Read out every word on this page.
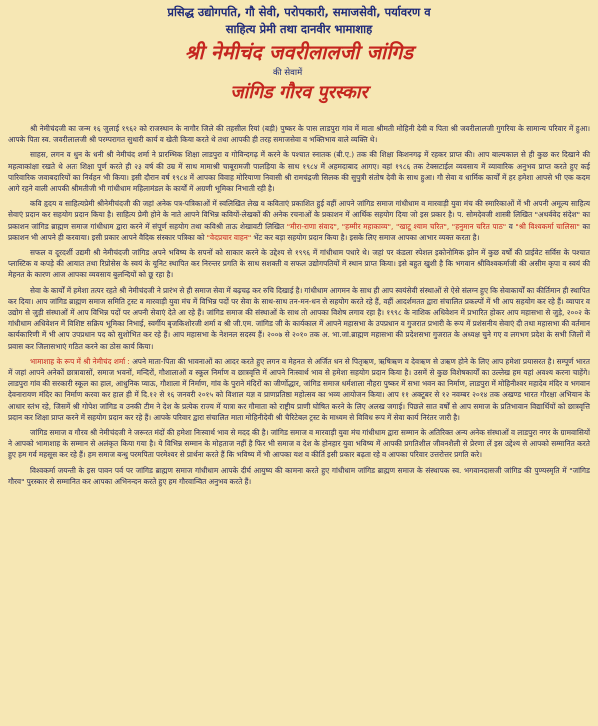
प्रसिद्ध उद्योगपति, गौ सेवी, परोपकारी, समाजसेवी, पर्यावरण व
साहित्य प्रेमी तथा दानवीर भामाशाह
श्री नेमीचंद जवरीलालजी जांगिड
की सेवामें
जांगिड गौरव पुरस्कार

श्री नेमीचंदजी का जन्म १६ जुलाई १९६२ को राजस्थान के नागौर जिले की तहसील रियां (बड़ी) पुष्कर के पास लाडपुरा गांव में माता श्रीमती मोहिनी देवी व पिता श्री जवरीलालजी गुगरिया के सामान्य परिवार में हुआ। आपके पिता स्व. जवरीलालजी श्री परम्परागत सुथारी कार्य व खेती किया करते थे तथा आपकी ही तरह समाजसेवा व भक्तिभाव वाले व्यक्ति थे।

साहस, लगन व धुन के धनी श्री नेमीचंद शर्मा ने प्रारम्भिक शिक्षा लाडपुरा व गोविन्दगढ़ में करने के पश्चात स्नातक (बी.ए.) तक की शिक्षा किशनगढ़ में रहकर प्राप्त की। आप बाल्यकाल से ही कुछ कर दिखाने की महत्वाकांक्षा रखते थे अतः शिक्षा पूर्ण करते ही २३ वर्ष की उम्र में साथ मामाश्री चाबूरामजी पालड़िया के साथ १९८४ में अहमदाबाद आगए। वहां १९८६ तक टेक्सटाईल व्यवसाय में व्यावारिक अनुभव प्राप्त करते हुए कई पारिवारिक जवाबदारियों का निर्वहन भी किया। इसी दौरान वर्ष १९८४ में आपका विवाह मोरियाणा निवासी श्री रामचंद्रजी सिलक की सुपुत्री संतोष देवी के साथ हुआ। गौ सेवा व धार्मिक कार्यों में हर हमेशा आपसे भी एक कदम आगे रहने वाली आपकी श्रीमतीजी भी गांधीधाम महिलामंडल के कार्यों में अग्रणी भूमिका निभाती रही है।

कवि हृदय व साहित्यप्रेमी श्रीनेमीचंदजी की जहां अनेक पत्र-पत्रिकाओं में स्वलिखित लेख व कविताएं प्रकाशित हुई वहीं आपने जांगिड समाज गांधीधाम व मारवाड़ी युवा मंच की स्मारिकाओं में भी अपनी अमूल्य साहित्य सेवाएं प्रदान कर सहयोग प्रदान किया है। साहित्य प्रेमी होने के नाते आपने विभिन्न कवियों-लेखकों की अनेक रचनाओं के प्रकाशन में आर्थिक सहयोग दिया जो इस प्रकार है। प. सोमदेवजी शास्त्री लिखित "अथर्ववेद संदेश" का प्रकाशन जांगिड ब्राह्मण समाज गांधीधाम द्वारा करने में संपूर्ण सहयोग तथा कविश्री ताऊ शेखावटी लिखित "मीरा-राणा संवाद", "हम्मीर महाकाव्य", "खाटू श्याम चरित", "हनुमान चरित पाठ" व "श्री विश्वकर्मा चालिसा" का प्रकाशन भी आपने ही करवाया। इसी प्रकार आपने वैदिक संस्कार पत्रिका को "वेदप्रचार वाहन" भेंट कर बड़ा सहयोग प्रदान किया है। इसके लिए समाज आपका आभार व्यक्त करता है।

सफल व दूरदर्शी उद्यमी श्री नेमीचंदजी जांगिड अपने भविष्य के सपनों को साकार करने के उद्देश्य से १९९६ में गांधीधाम पधारे थे। जहां पर कंडला स्पेशल इकोनोमिक झोन में कुछ वर्षों की प्राईवेट सर्विस के पश्चात प्लास्टिक व कपड़े की आयात तथा रिप्रोसेस के स्वयं के यूनिट स्थापित कर निरन्तर प्रगति के साथ सशक्ती व सफल उद्योगपतियों में स्थान प्राप्त किया। इसे बहुत खुशी है कि भगवान श्रीविश्वकर्माजी की असीम कृपा व स्वयं की मेहनत के कारण आज आपका व्यवसाय बुलन्दियों को छू रहा है।

सेवा के कार्यों में हमेशा तत्पर रहते श्री नेमीचंदजी ने प्रारंभ से ही समाज सेवा में बढ़चढ़ कर रुचि दिखाई है। गांधीधाम आगमन के साथ ही आप स्वयंसेवी संस्थाओं से ऐसे संलग्न हुए कि सेवाकार्यों का कीर्तिमान ही स्थापित कर दिया। आप जांगिड ब्राह्मण समाज समिति ट्रस्ट व मारवाड़ी युवा मंच में विभिन्न पदों पर सेवा के साथ-साथ तन-मन-धन से सहयोग करते रहे हैं, वहीं आदर्शमतत द्वारा संचालित प्रकल्पों में भी आप सहयोग कर रहे हैं। व्यापार व उद्योग से जुड़ी संस्थाओं में आप विभिन्न पदों पर अपनी सेवाएं देते आ रहे हैं। जांगिड समाज की संस्थाओं के साथ तो आपका विशेष लगाव रहा है। १९९८ के नाशिक अधिवेशन में प्रभारित होकर आप महासभा से जुड़े, २००२ के गांधीधाम अधिवेशन में विशिष्ट सक्रिय भूमिका निभाई, स्वर्गीय बृजकिशोरजी शर्मा व श्री जी.एम. जांगिड जी के कार्यकाल में आपने महासभा के उपप्रधान व गुजरात प्रभारी के रूप में प्रशंसनीय सेवाएं दी तथा महासभा की वर्तमान कार्यकारिणी में भी आप उपप्रधान पद को सुशोभित कर रहे हैं। आप महासभा के नेशनल सदस्य हैं। २००७ से २०१० तक अ. भा.जां.ब्राह्मण महासभा की प्रदेशसभा गुजरात के अध्यक्ष चुने गए व लगभग प्रदेश के सभी जिलों में प्रवास कर जिलासभाएं गठित करने का ठोस कार्य किया।

भामाशाह के रूप में श्री नेमीचंद शर्मा : अपने माता-पिता की भावनाओं का आदर करते हुए लगन व मेहनत से अर्जित धन से पितृऋण, ऋषिऋण व देवऋण से उऋण होने के लिए आप हमेशा प्रयासरत है। सम्पूर्ण भारत में जहां आपने अनेकों छात्रावासों, समाज भवनों, मन्दिरों, गौशालाओं व स्कूल निर्माण व छात्रवृत्ति में आपने निःस्वार्थ भाव से हमेशा सहयोग प्रदान किया है। उसमें से कुछ विशेषकार्यों का उल्लेख हम यहां अवश्य करना चाहेंगे। लाडपुरा गांव की सरकारी स्कूल का हाल, आधुनिक प्याऊ, गौशाला में निर्माण, गांव के पुराने मंदिरों का जीर्णोद्धार, जांगिड समाज धर्मशाला नौहरा पुष्कर में सभा भवन का निर्माण, लाडपुरा में मोहिनीश्वर महादेव मंदिर व भगवान देवनारायण मंदिर का निर्माण करवा कर हाल ही में दि.१२ से १६ जनवरी २०१५ को विशाल यज्ञ व प्राणप्रतिष्ठा महोत्सव का भव्य आयोजन किया। आप ११ अक्टूबर से १२ नवम्बर २०१४ तक अखण्ड भारत गौरक्षा अभियान के आधार स्तंभ रहे, जिसमें श्री गोपेश जांगिड व उनकी टीम ने देश के प्रत्येक राज्य में यात्रा कर गौमाता को राष्ट्रीय प्राणी घोषित करने के लिए अलख जगाई। पिछले सात वर्षों से आप समाज के प्रतिभावान विद्यार्थियों को छात्रवृत्ति प्रदान कर शिक्षा प्राप्त करने में सहयोग प्रदान कर रहे हैं। आपके परिवार द्वारा संचालित माता मोहिनीदेवी श्री चैरिटेबल ट्रस्ट के माध्यम से विविध रूप में सेवा कार्य निरंतर जारी है।

जांगिड समाज व गौरव श्री नेमीचंदजी ने जरूरत मंदों की हमेशा निःस्वार्थ भाव से मदद की है। जांगिड समाज व मारवाड़ी युवा मंच गांधीधाम द्वारा सम्मान के अतिरिक्त अन्य अनेक संस्थाओं व लाडपुरा नगर के ग्रामवासियों ने आपको भामाशाह के सम्मान से अलंकृत किया गया है। ये विभिन्न सम्मान के मोहताज नहीं है फिर भी समाज व देश के होनहार युवा भविष्य में आपकी प्रगतिशील जीवनशैली से प्रेरणा लें इस उद्देश्य से आपको सम्मानित करते हुए हम गर्व महसूस कर रहे हैं। हम समाज बन्धु परमपिता परमेश्वर से प्रार्थना करते हैं कि भविष्य में भी आपका यश व कीर्ति इसी प्रकार बढ़ता रहे व आपका परिवार उत्तरोत्तर प्रगति करे।

विश्वकर्मा जयन्ती के इस पावन पर्व पर जांगिड ब्राह्मण समाज गांधीधाम आपके दीर्घ आयुष्य की कामना करते हुए गांधीधाम जांगिड ब्राह्मण समाज के संस्थापक स्व. भगवानदासजी जांगिड की पुण्यस्मृति में "जांगिड गौरव" पुरस्कार से सम्मानित कर आपका अभिनन्दन करते हुए हम गौरवान्वित अनुभव करते हैं।
